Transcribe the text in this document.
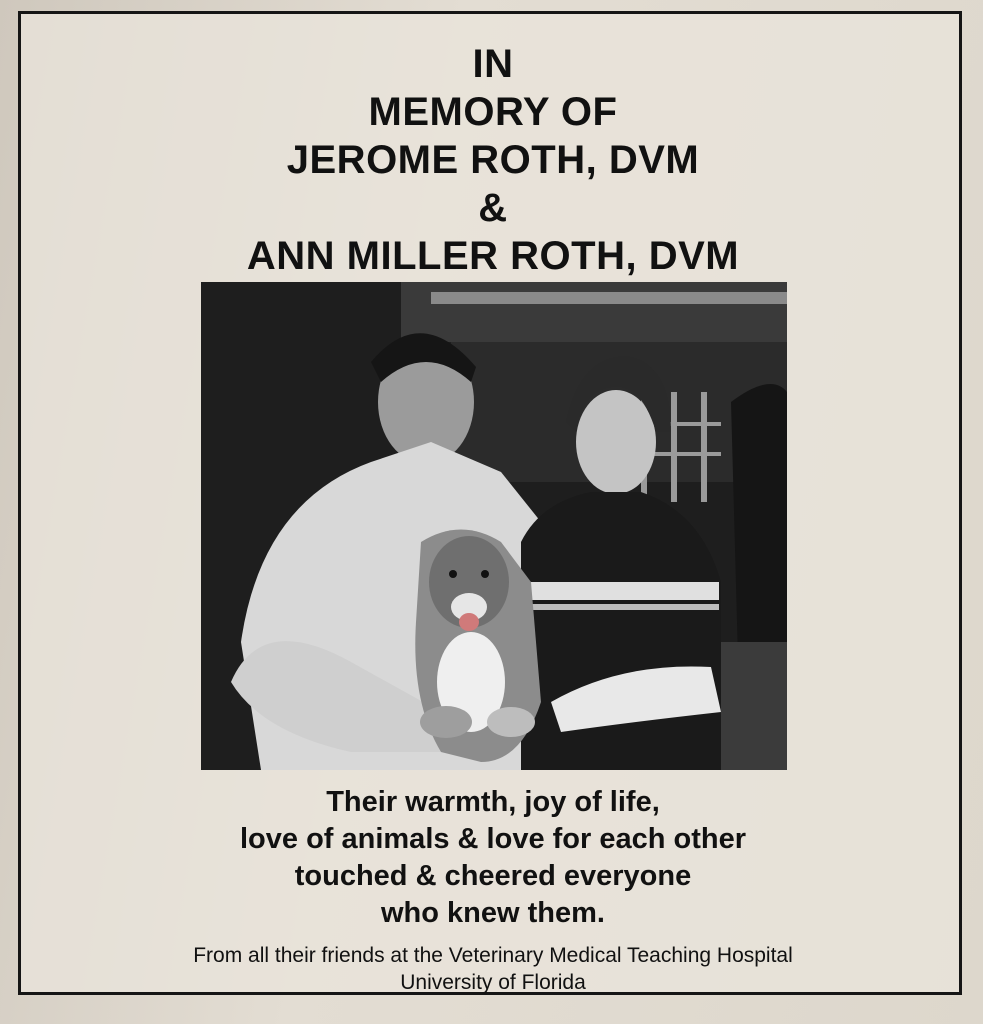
IN
MEMORY OF
JEROME ROTH, DVM
&
ANN MILLER ROTH, DVM
Their warmth, joy of life,
love of animals & love for each other
touched & cheered everyone
who knew them.
From all their friends at the Veterinary Medical Teaching Hospital
University of Florida
